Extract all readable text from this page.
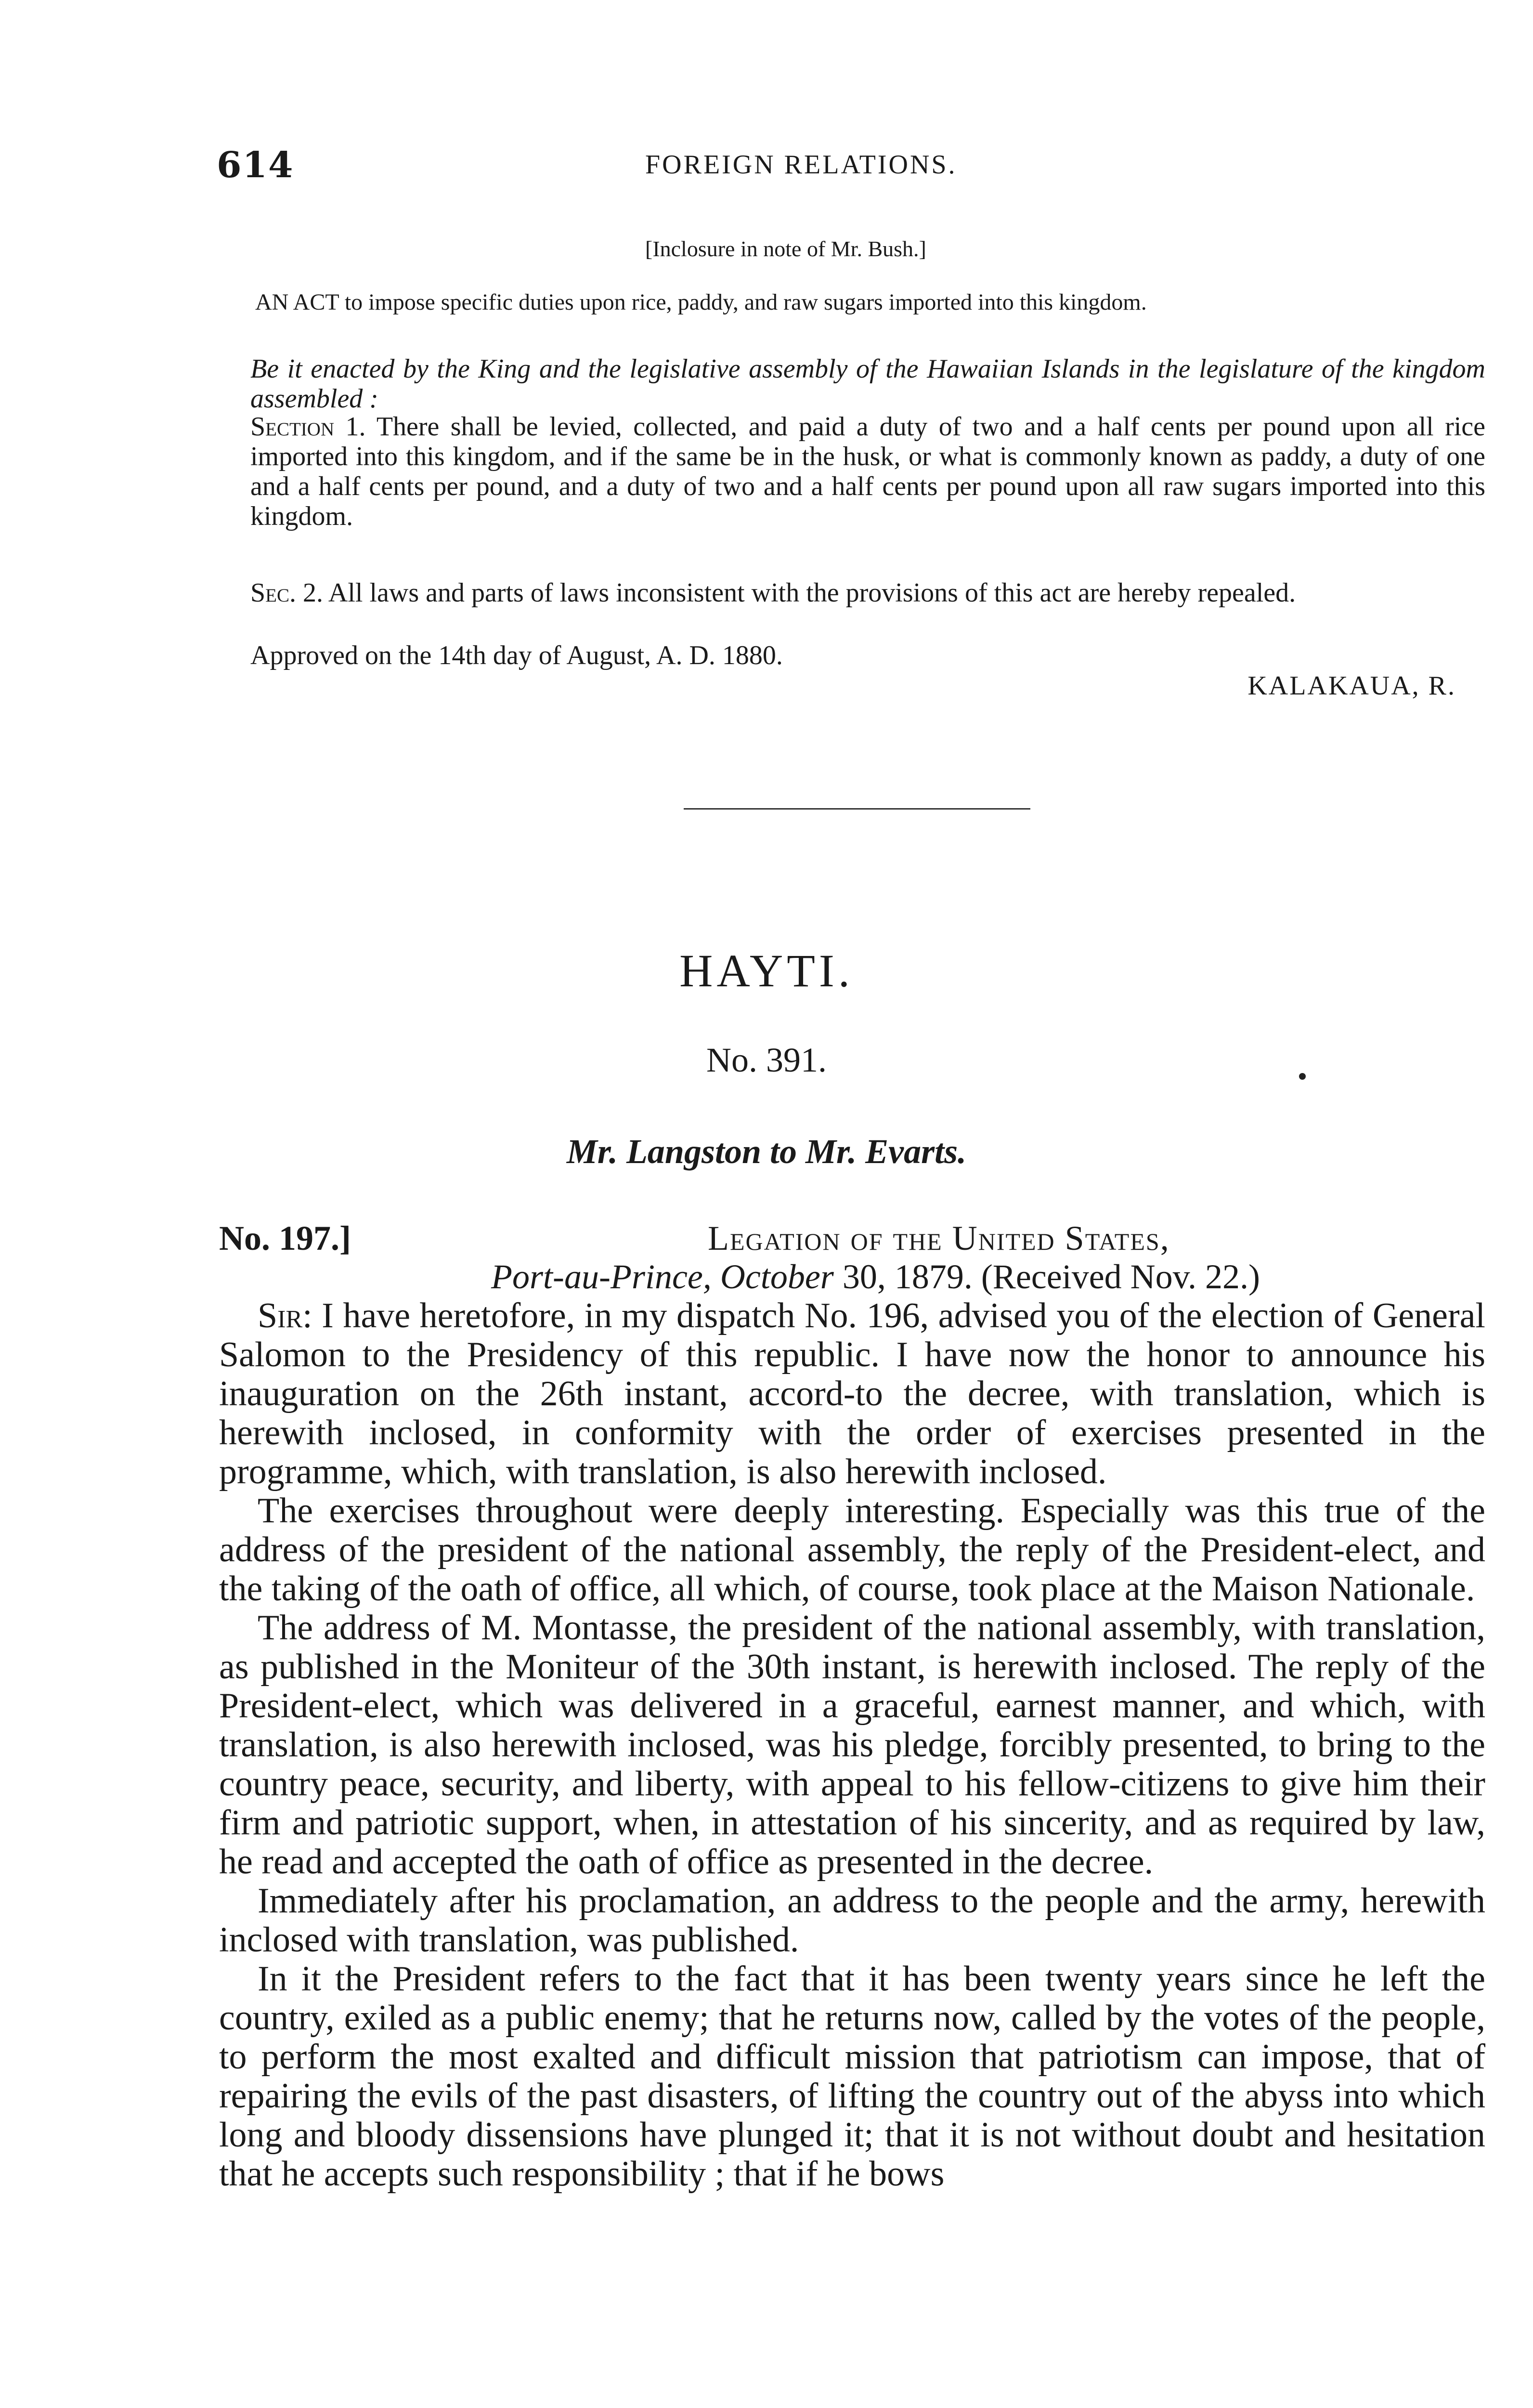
614	FOREIGN RELATIONS.
[Inclosure in note of Mr. Bush.]
AN ACT to impose specific duties upon rice, paddy, and raw sugars imported into this kingdom.
Be it enacted by the King and the legislative assembly of the Hawaiian Islands in the legislature of the kingdom assembled :
Section 1. There shall be levied, collected, and paid a duty of two and a half cents per pound upon all rice imported into this kingdom, and if the same be in the husk, or what is commonly known as paddy, a duty of one and a half cents per pound, and a duty of two and a half cents per pound upon all raw sugars imported into this kingdom.
Sec. 2. All laws and parts of laws inconsistent with the provisions of this act are hereby repealed.
Approved on the 14th day of August, A. D. 1880.
KALAKAUA, R.
HAYTI.
No. 391.
Mr. Langston to Mr. Evarts.
No. 197.]	Legation of the United States,
Port-au-Prince, October 30, 1879. (Received Nov. 22.)

Sir: I have heretofore, in my dispatch No. 196, advised you of the election of General Salomon to the Presidency of this republic. I have now the honor to announce his inauguration on the 26th instant, accord-to the decree, with translation, which is herewith inclosed, in conformity with the order of exercises presented in the programme, which, with translation, is also herewith inclosed.

The exercises throughout were deeply interesting. Especially was this true of the address of the president of the national assembly, the reply of the President-elect, and the taking of the oath of office, all which, of course, took place at the Maison Nationale.

The address of M. Montasse, the president of the national assembly, with translation, as published in the Moniteur of the 30th instant, is herewith inclosed. The reply of the President-elect, which was delivered in a graceful, earnest manner, and which, with translation, is also herewith inclosed, was his pledge, forcibly presented, to bring to the country peace, security, and liberty, with appeal to his fellow-citizens to give him their firm and patriotic support, when, in attestation of his sincerity, and as required by law, he read and accepted the oath of office as presented in the decree.

Immediately after his proclamation, an address to the people and the army, herewith inclosed with translation, was published.

In it the President refers to the fact that it has been twenty years since he left the country, exiled as a public enemy; that he returns now, called by the votes of the people, to perform the most exalted and difficult mission that patriotism can impose, that of repairing the evils of the past disasters, of lifting the country out of the abyss into which long and bloody dissensions have plunged it; that it is not without doubt and hesitation that he accepts such responsibility ; that if he bows
